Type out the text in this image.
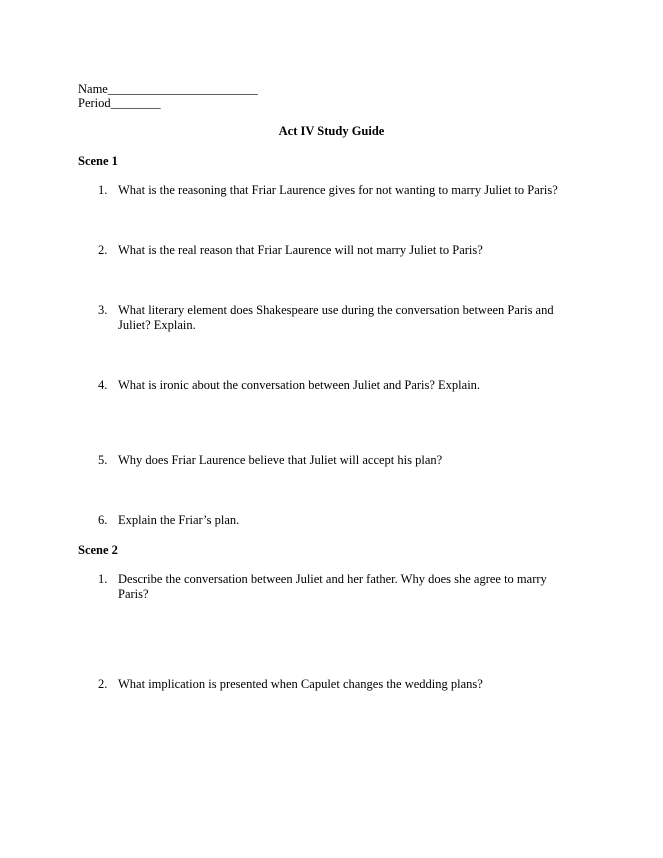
Name________________________
Period________
Act IV Study Guide
Scene 1
1. What is the reasoning that Friar Laurence gives for not wanting to marry Juliet to Paris?
2. What is the real reason that Friar Laurence will not marry Juliet to Paris?
3. What literary element does Shakespeare use during the conversation between Paris and Juliet? Explain.
4. What is ironic about the conversation between Juliet and Paris? Explain.
5. Why does Friar Laurence believe that Juliet will accept his plan?
6. Explain the Friar’s plan.
Scene 2
1. Describe the conversation between Juliet and her father. Why does she agree to marry Paris?
2. What implication is presented when Capulet changes the wedding plans?
